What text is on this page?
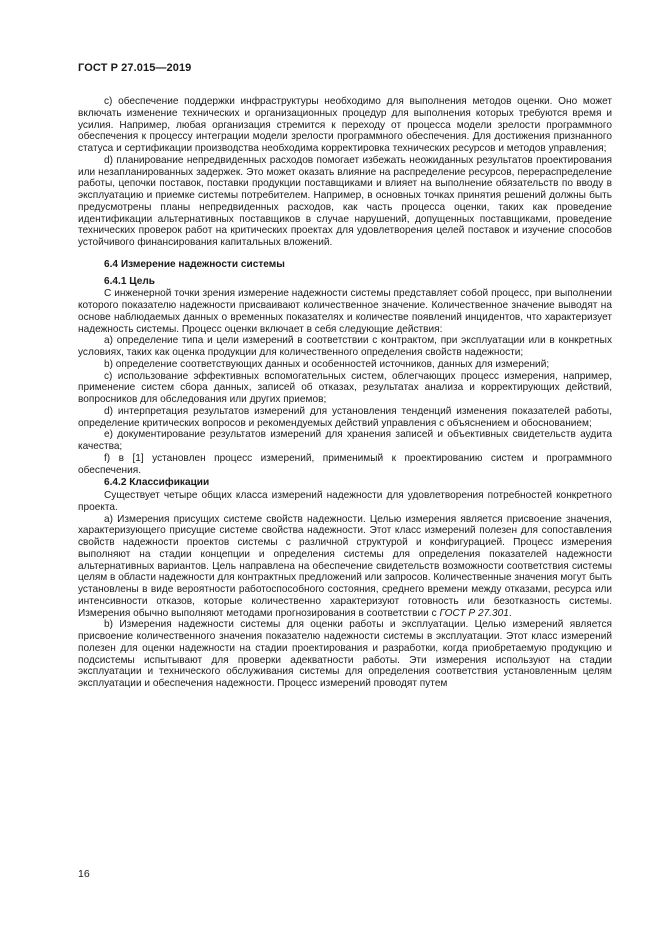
ГОСТ Р 27.015—2019

с) обеспечение поддержки инфраструктуры необходимо для выполнения методов оценки. Оно может включать изменение технических и организационных процедур для выполнения которых требуются время и усилия. Например, любая организация стремится к переходу от процесса модели зрелости программного обеспечения к процессу интеграции модели зрелости программного обеспечения. Для достижения признанного статуса и сертификации производства необходима корректировка технических ресурсов и методов управления;

d) планирование непредвиденных расходов помогает избежать неожиданных результатов проектирования или незапланированных задержек. Это может оказать влияние на распределение ресурсов, перераспределение работы, цепочки поставок, поставки продукции поставщиками и влияет на выполнение обязательств по вводу в эксплуатацию и приемке системы потребителем. Например, в основных точках принятия решений должны быть предусмотрены планы непредвиденных расходов, как часть процесса оценки, таких как проведение идентификации альтернативных поставщиков в случае нарушений, допущенных поставщиками, проведение технических проверок работ на критических проектах для удовлетворения целей поставок и изучение способов устойчивого финансирования капитальных вложений.

6.4 Измерение надежности системы

6.4.1 Цель

С инженерной точки зрения измерение надежности системы представляет собой процесс, при выполнении которого показателю надежности присваивают количественное значение. Количественное значение выводят на основе наблюдаемых данных о временных показателях и количестве появлений инцидентов, что характеризует надежность системы. Процесс оценки включает в себя следующие действия:

a) определение типа и цели измерений в соответствии с контрактом, при эксплуатации или в конкретных условиях, таких как оценка продукции для количественного определения свойств надежности;

b) определение соответствующих данных и особенностей источников, данных для измерений;

c) использование эффективных вспомогательных систем, облегчающих процесс измерения, например, применение систем сбора данных, записей об отказах, результатах анализа и корректирующих действий, вопросников для обследования или других приемов;

d) интерпретация результатов измерений для установления тенденций изменения показателей работы, определение критических вопросов и рекомендуемых действий управления с объяснением и обоснованием;

e) документирование результатов измерений для хранения записей и объективных свидетельств аудита качества;

f) в [1] установлен процесс измерений, применимый к проектированию систем и программного обеспечения.

6.4.2 Классификации

Существует четыре общих класса измерений надежности для удовлетворения потребностей конкретного проекта.

a) Измерения присущих системе свойств надежности. Целью измерения является присвоение значения, характеризующего присущие системе свойства надежности. Этот класс измерений полезен для сопоставления свойств надежности проектов системы с различной структурой и конфигурацией. Процесс измерения выполняют на стадии концепции и определения системы для определения показателей надежности альтернативных вариантов. Цель направлена на обеспечение свидетельств возможности соответствия системы целям в области надежности для контрактных предложений или запросов. Количественные значения могут быть установлены в виде вероятности работоспособного состояния, среднего времени между отказами, ресурса или интенсивности отказов, которые количественно характеризуют готовность или безотказность системы. Измерения обычно выполняют методами прогнозирования в соответствии с ГОСТ Р 27.301.

b) Измерения надежности системы для оценки работы и эксплуатации. Целью измерений является присвоение количественного значения показателю надежности системы в эксплуатации. Этот класс измерений полезен для оценки надежности на стадии проектирования и разработки, когда приобретаемую продукцию и подсистемы испытывают для проверки адекватности работы. Эти измерения используют на стадии эксплуатации и технического обслуживания системы для определения соответствия установленным целям эксплуатации и обеспечения надежности. Процесс измерений проводят путем

16
